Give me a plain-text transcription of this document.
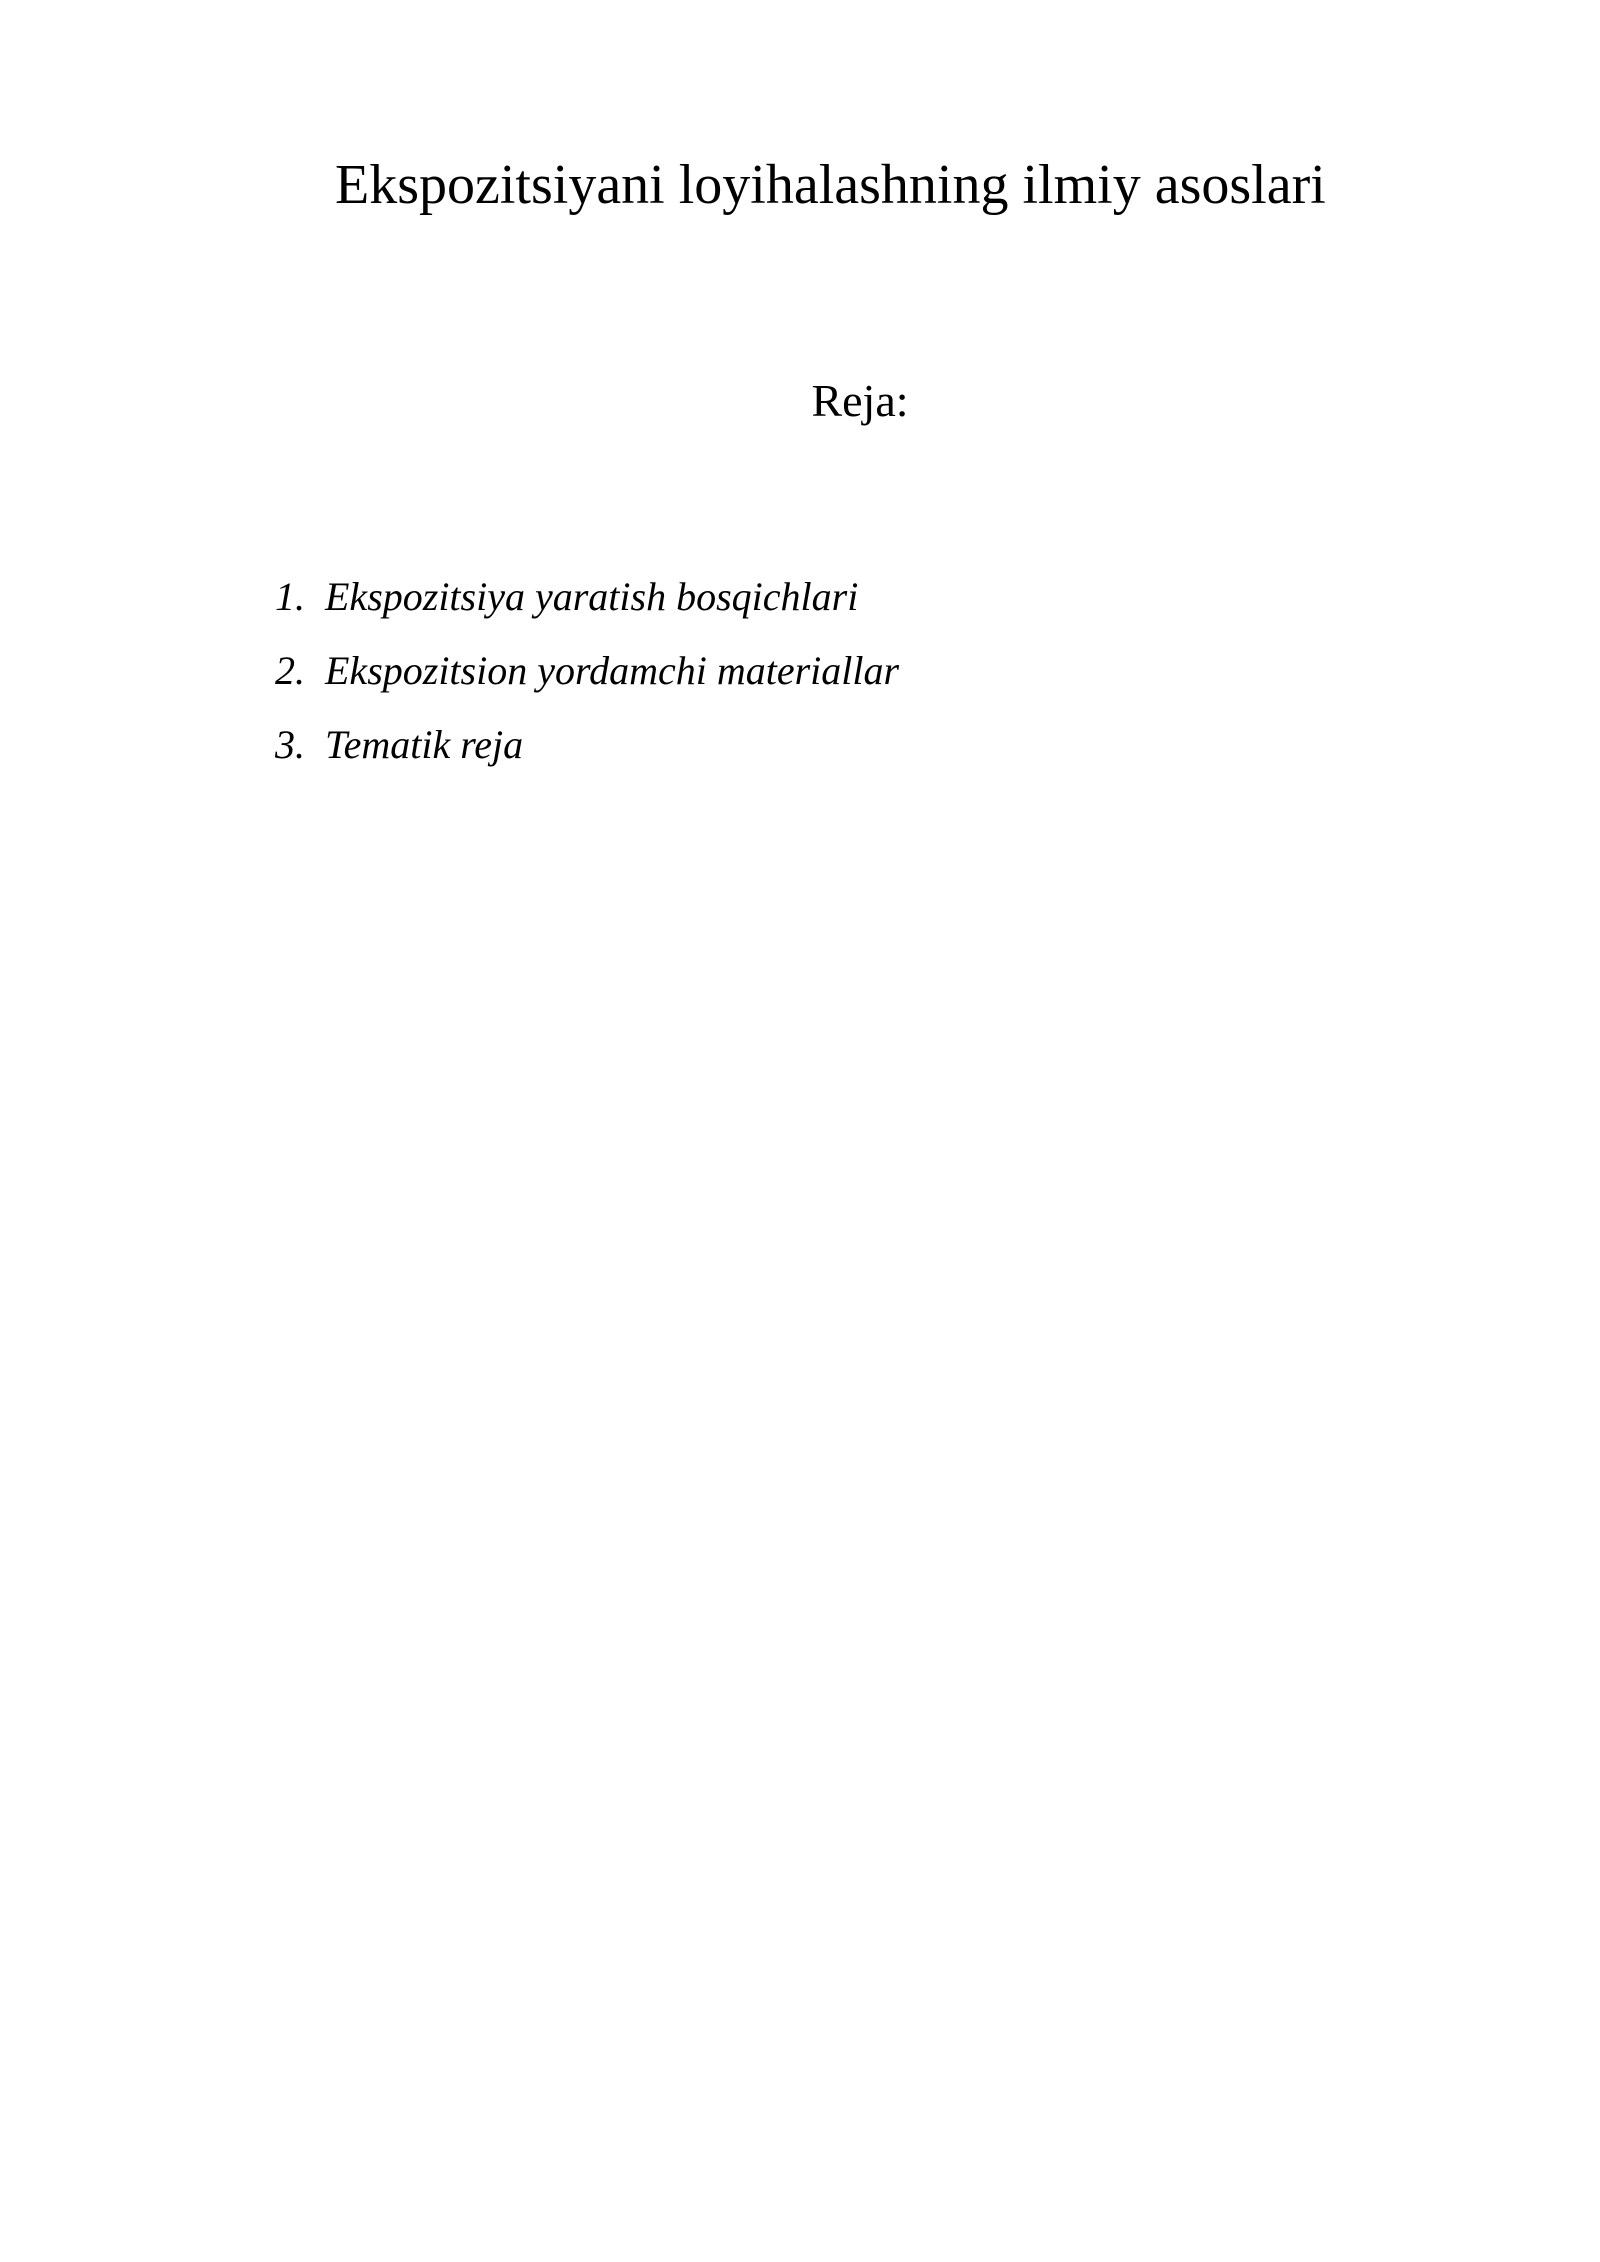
Ekspozitsiyani loyihalashning ilmiy asoslari

Reja:

1. Ekspozitsiya yaratish bosqichlari
2. Ekspozitsion yordamchi materiallar
3. Tematik reja
